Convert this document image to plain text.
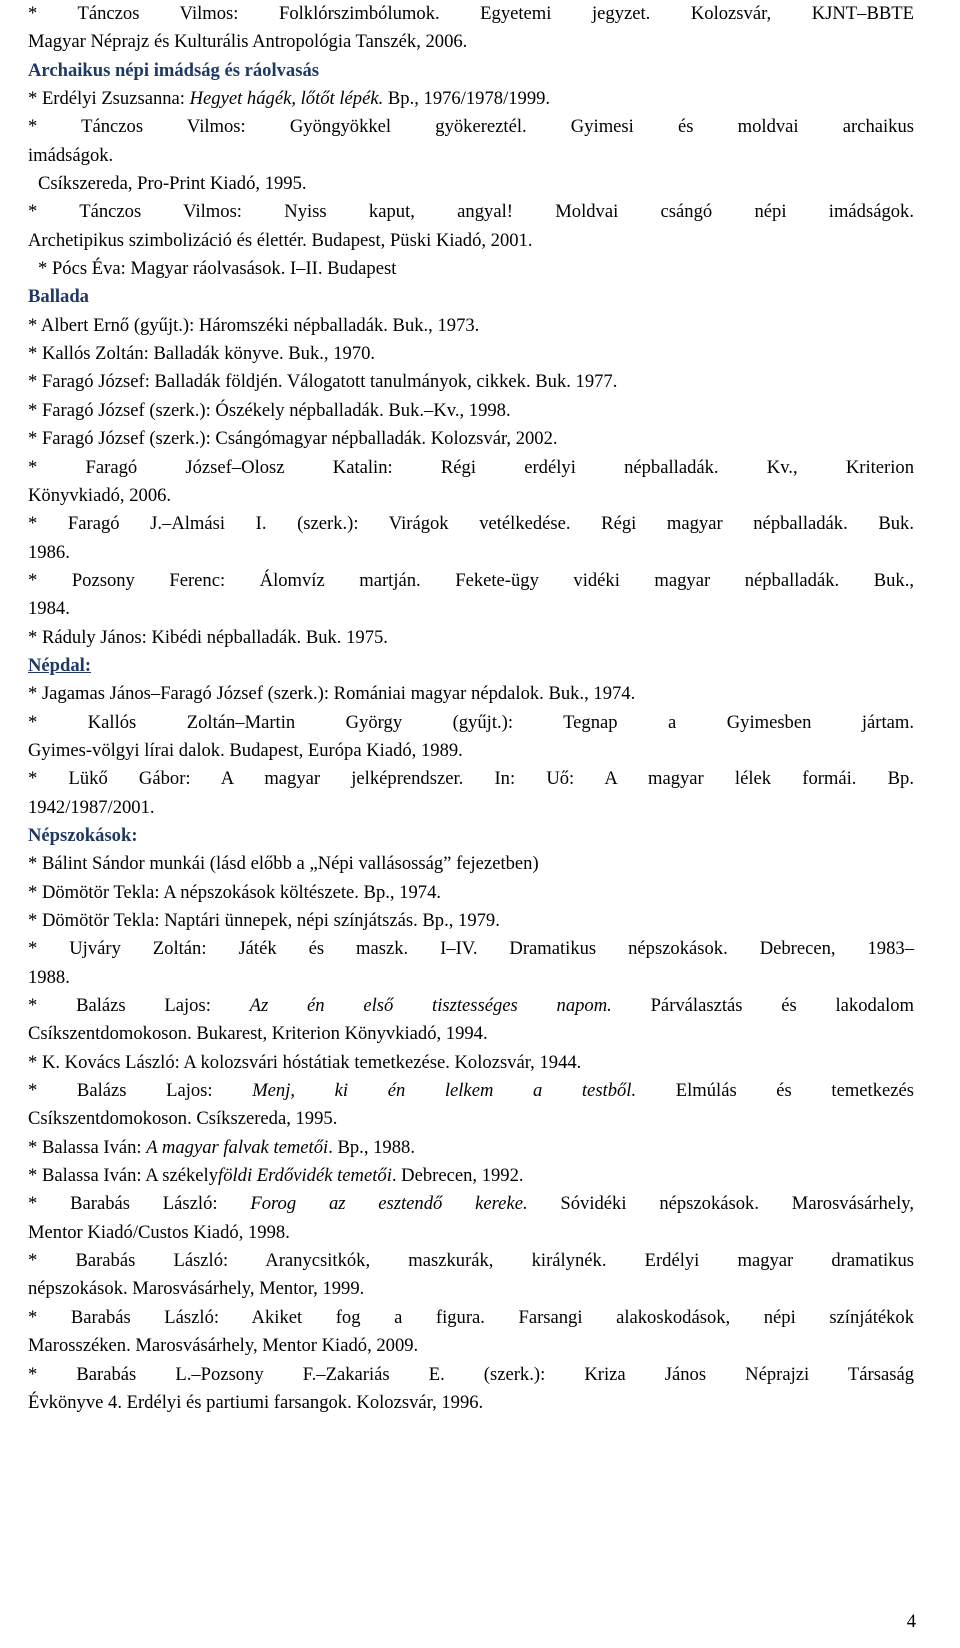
* Tánczos Vilmos: Folklórszimbólumok. Egyetemi jegyzet. Kolozsvár, KJNT–BBTE
Magyar Néprajz és Kulturális Antropológia Tanszék, 2006.
Archaikus népi imádság és ráolvasás
* Erdélyi Zsuzsanna: Hegyet hágék, lőtőt lépék. Bp., 1976/1978/1999.
* Tánczos Vilmos: Gyöngyökkel gyökereztél. Gyimesi és moldvai archaikus
imádságok.
Csíkszereda, Pro-Print Kiadó, 1995.
* Tánczos Vilmos: Nyiss kaput, angyal! Moldvai csángó népi imádságok.
Archetipikus szimbolizáció és élettér. Budapest, Püski Kiadó, 2001.
* Pócs Éva: Magyar ráolvasások. I–II. Budapest
Ballada
* Albert Ernő (gyűjt.): Háromszéki népballadák. Buk., 1973.
* Kallós Zoltán: Balladák könyve. Buk., 1970.
* Faragó József: Balladák földjén. Válogatott tanulmányok, cikkek. Buk. 1977.
* Faragó József (szerk.): Ószékely népballadák. Buk.–Kv., 1998.
* Faragó József (szerk.): Csángómagyar népballadák. Kolozsvár, 2002.
* Faragó József–Olosz Katalin: Régi erdélyi népballadák. Kv., Kriterion
Könyvkiadó, 2006.
* Faragó J.–Almási I. (szerk.): Virágok vetélkedése. Régi magyar népballadák. Buk.
1986.
* Pozsony Ferenc: Álomvíz martján. Fekete-ügy vidéki magyar népballadák. Buk.,
1984.
* Ráduly János: Kibédi népballadák. Buk. 1975.
Népdal:
* Jagamas János–Faragó József (szerk.): Romániai magyar népdalok. Buk., 1974.
* Kallós Zoltán–Martin György (gyűjt.): Tegnap a Gyimesben jártam.
Gyimes-völgyi lírai dalok. Budapest, Európa Kiadó, 1989.
* Lükő Gábor: A magyar jelképrendszer. In: Uő: A magyar lélek formái. Bp.
1942/1987/2001.
Népszokások:
* Bálint Sándor munkái (lásd előbb a „Népi vallásosság” fejezetben)
* Dömötör Tekla: A népszokások költészete. Bp., 1974.
* Dömötör Tekla: Naptári ünnepek, népi színjátszás. Bp., 1979.
* Ujváry Zoltán: Játék és maszk. I–IV. Dramatikus népszokások. Debrecen, 1983–
1988.
* Balázs Lajos: Az én első tisztességes napom. Párválasztás és lakodalom
Csíkszentdomokoson. Bukarest, Kriterion Könyvkiadó, 1994.
* K. Kovács László: A kolozsvári hóstátiak temetkezése. Kolozsvár, 1944.
* Balázs Lajos: Menj, ki én lelkem a testből. Elmúlás és temetkezés
Csíkszentdomokoson. Csíkszereda, 1995.
* Balassa Iván: A magyar falvak temetői. Bp., 1988.
* Balassa Iván: A székelyföldi Erdővidék temetői. Debrecen, 1992.
* Barabás László: Forog az esztendő kereke. Sóvidéki népszokások. Marosvásárhely,
Mentor Kiadó/Custos Kiadó, 1998.
* Barabás László: Aranycsitkók, maszkurák, királynék. Erdélyi magyar dramatikus
népszokások. Marosvásárhely, Mentor, 1999.
* Barabás László: Akiket fog a figura. Farsangi alakoskodások, népi színjátékok
Marosszéken. Marosvásárhely, Mentor Kiadó, 2009.
* Barabás L.–Pozsony F.–Zakariás E. (szerk.): Kriza János Néprajzi Társaság
Évkönyve 4. Erdélyi és partiumi farsangok. Kolozsvár, 1996.
4
